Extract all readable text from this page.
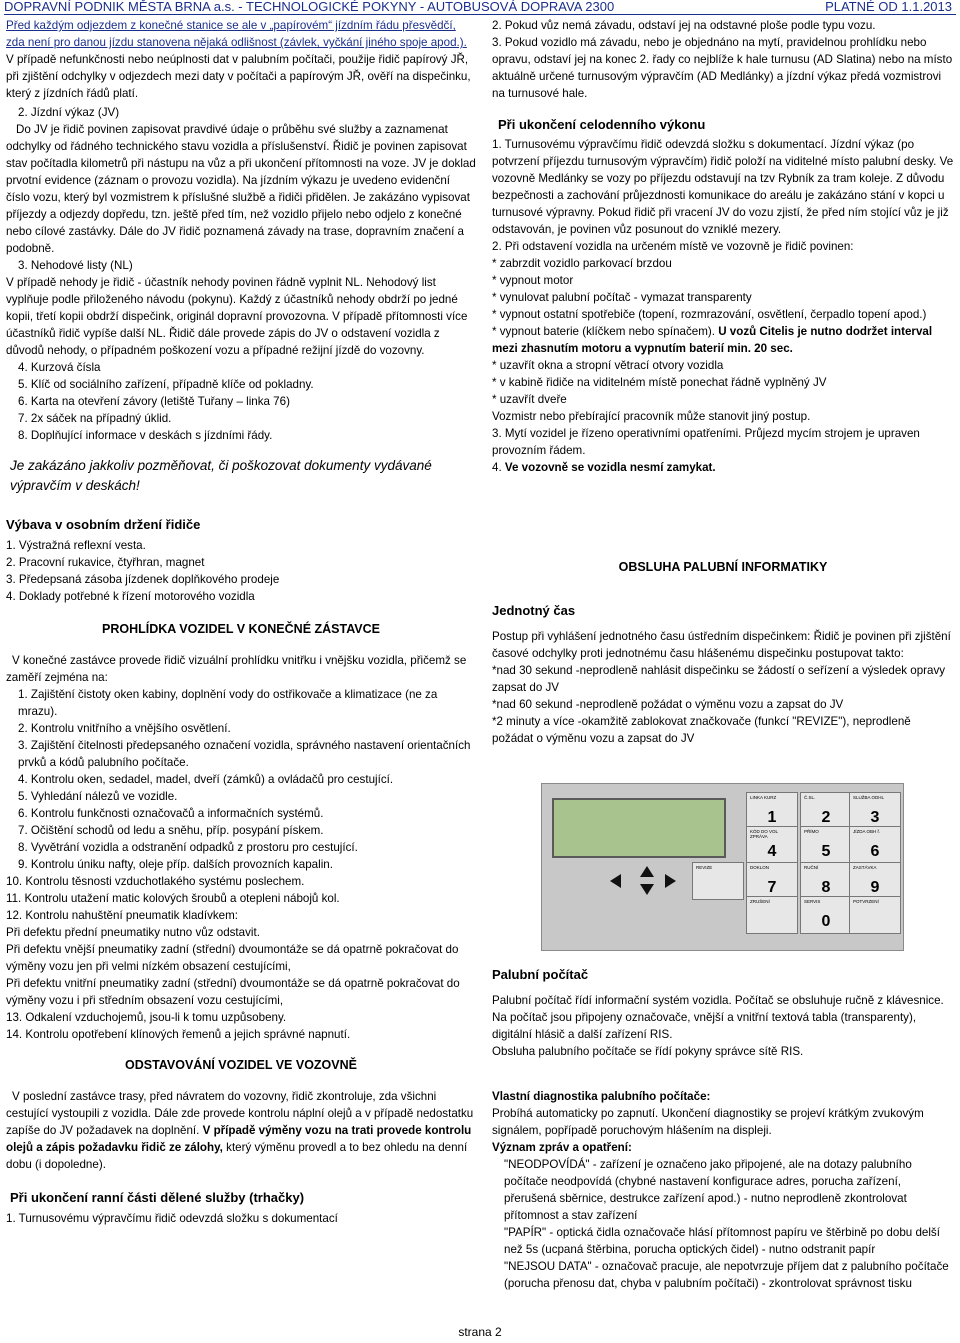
DOPRAVNÍ PODNIK MĚSTA BRNA a.s. - TECHNOLOGICKÉ POKYNY - AUTOBUSOVÁ DOPRAVA 2300	PLATNÉ OD 1.1.2013

Před každým odjezdem z konečné stanice se ale v „papírovém“ jízdním řádu přesvědčí, zda není pro danou jízdu stanovena nějaká odlišnost (závlek, vyčkání jiného spoje apod.). V případě nefunkčnosti nebo neúplnosti dat v palubním počítači, použije řidič papírový JŘ, při zjištění odchylky v odjezdech mezi daty v počítači a papírovým JŘ, ověří na dispečinku, který z jízdních řádů platí.

2. Jízdní výkaz (JV)

Do JV je řidič povinen zapisovat pravdivé údaje o průběhu své služby a zaznamenat odchylky od řádného technického stavu vozidla a příslušenství. Řidič je povinen zapisovat stav počítadla kilometrů při nástupu na vůz a při ukončení přítomnosti na voze. JV je doklad prvotní evidence (záznam o provozu vozidla). Na jízdním výkazu je uvedeno evidenční číslo vozu, který byl vozmistrem k příslušné službě a řidiči přidělen. Je zakázáno vypisovat příjezdy a odjezdy dopředu, tzn. ještě před tím, než vozidlo přijelo nebo odjelo z konečné nebo cílové zastávky. Dále do JV řidič poznamená závady na trase, dopravním značení a podobně.

3. Nehodové listy (NL)

V případě nehody je řidič - účastník nehody povinen řádně vyplnit NL. Nehodový list vyplňuje podle přiloženého návodu (pokynu). Každý z účastníků nehody obdrží po jedné kopii, třetí kopii obdrží dispečink, originál dopravní provozovna. V případě přítomnosti více účastníků řidič vypíše další NL. Řidič dále provede zápis do JV o odstavení vozidla z důvodů nehody, o případném poškození vozu a případné režijní jízdě do vozovny.

4. Kurzová čísla

5. Klíč od sociálního zařízení, případně klíče od pokladny.

6. Karta na otevření závory (letiště Tuřany – linka 76)

7. 2x sáček na případný úklid.

8. Doplňující informace v deskách s jízdními řády.

Je zakázáno jakkoliv pozměňovat, či poškozovat dokumenty vydávané výpravčím v deskách!

Výbava v osobním držení řidiče

1. Výstražná reflexní vesta.

2. Pracovní rukavice, čtyřhran, magnet

3. Předepsaná zásoba jízdenek doplňkového prodeje

4. Doklady potřebné k řízení motorového vozidla

PROHLÍDKA VOZIDEL V KONEČNÉ ZÁSTAVCE

V konečné zastávce provede řidič vizuální prohlídku vnitřku i vnějšku vozidla, přičemž se zaměří zejména na:

1. Zajištění čistoty oken kabiny, doplnění vody do ostřikovače a klimatizace (ne za mrazu).

2. Kontrolu vnitřního a vnějšího osvětlení.

3. Zajištění čitelnosti předepsaného označení vozidla, správného nastavení orientačních prvků a kódů palubního počítače.

4. Kontrolu oken, sedadel, madel, dveří (zámků) a ovládačů pro cestující.

5. Vyhledání nálezů ve vozidle.

6. Kontrolu funkčnosti označovačů a informačních systémů.

7. Očištění schodů od ledu a sněhu, příp. posypání pískem.

8. Vyvětrání vozidla a odstranění odpadků z prostoru pro cestující.

9. Kontrolu úniku nafty, oleje příp. dalších provozních kapalin.

10. Kontrolu těsnosti vzduchotlakého systému poslechem.

11. Kontrolu utažení matic kolových šroubů a otepleni nábojů kol.

12. Kontrolu nahuštění pneumatik kladívkem:

Při defektu přední pneumatiky nutno vůz odstavit.

Při defektu vnější pneumatiky zadní (střední) dvoumontáže se dá opatrně pokračovat do výměny vozu jen při velmi nízkém obsazení cestujícími,

Při defektu vnitřní pneumatiky zadní (střední) dvoumontáže se dá opatrně pokračovat do výměny vozu i při středním obsazení vozu cestujícími,

13. Odkalení vzduchojemů, jsou-li k tomu uzpůsobeny.

14. Kontrolu opotřebení klínových řemenů a jejich správné napnutí.

ODSTAVOVÁNÍ VOZIDEL VE VOZOVNĚ

V poslední zastávce trasy, před návratem do vozovny, řidič zkontroluje, zda všichni cestující vystoupili z vozidla. Dále zde provede kontrolu náplní olejů a v případě nedostatku zapíše do JV požadavek na doplnění. V případě výměny vozu na trati provede kontrolu olejů a zápis požadavku řidič ze zálohy, který výměnu provedl a to bez ohledu na denní dobu (i dopoledne).

Při ukončení ranní části dělené služby (trhačky)

1. Turnusovému výpravčímu řidič odevzdá složku s dokumentací

2. Pokud vůz nemá závadu, odstaví jej na odstavné ploše podle typu vozu.

3. Pokud vozidlo má závadu, nebo je objednáno na mytí, pravidelnou prohlídku nebo opravu, odstaví jej na konec 2. řady co nejblíže k hale turnusu (AD Slatina) nebo na místo aktuálně určené turnusovým výpravčím (AD Medlánky) a jízdní výkaz předá vozmistrovi na turnusové hale.

Při ukončení celodenního výkonu

1. Turnusovému výpravčímu řidič odevzdá složku s dokumentací. Jízdní výkaz (po potvrzení příjezdu turnusovým výpravčím) řidič položí na viditelné místo palubní desky. Ve vozovně Medlánky se vozy po příjezdu odstavují na tzv Rybník za tram koleje. Z důvodu bezpečnosti a zachování průjezdnosti komunikace do areálu je zakázáno stání v kopci u turnusové výpravny. Pokud řidič při vracení JV do vozu zjistí, že před ním stojící vůz je již odstavován, je povinen vůz posunout do vzniklé mezery.

2. Při odstavení vozidla na určeném místě ve vozovně je řidič povinen:

* zabrzdit vozidlo parkovací brzdou

* vypnout motor

* vynulovat palubní počítač - vymazat transparenty

* vypnout ostatní spotřebiče (topení, rozmrazování, osvětlení, čerpadlo topení apod.)

* vypnout baterie (klíčkem nebo spínačem). U vozů Citelis je nutno dodržet interval mezi zhasnutím motoru a vypnutím baterií min. 20 sec.

* uzavřít okna a stropní větrací otvory vozidla

* v kabině řidiče na viditelném místě ponechat řádně vyplněný JV

* uzavřít dveře

Vozmistr nebo přebírající pracovník může stanovit jiný postup.

3. Mytí vozidel je řízeno operativními opatřeními. Průjezd mycím strojem je upraven provozním řádem.

4. Ve vozovně se vozidla nesmí zamykat.

OBSLUHA PALUBNÍ INFORMATIKY
Jednotný čas

Postup při vyhlášení jednotného času ústředním dispečinkem: Řidič je povinen při zjištění časové odchylky proti jednotnému času hlášenému dispečinku postupovat takto:

*nad 30 sekund -neprodleně nahlásit dispečinku se žádostí o seřízení a výsledek opravy zapsat do JV

*nad 60 sekund -neprodleně požádat o výměnu vozu a zapsat do JV

*2 minuty a více -okamžitě zablokovat značkovače (funkcí "REVIZE"), neprodleně požádat o výměnu vozu a zapsat do JV

LINKA KURZ
1
Č.SL.
2
SLUŽBA ODHL
3
KÓD DO VOL ZPRÁVA
4
PŘÍMO
5
JÍZDA OBH ř.
6
REVIZE	DOKLON
7
RUČNÍ
8
ZASTÁVKA
9
ZRUŠENÍ	SERVIS
0
POTVRZENÍ
Palubní počítač

Palubní počítač řídí informační systém vozidla. Počítač se obsluhuje ručně z klávesnice. Na počítač jsou připojeny označovače, vnější a vnitřní textová tabla (transparenty), digitální hlásič a další zařízení RIS.

Obsluha palubního počítače se řídí pokyny správce sítě RIS.

Vlastní diagnostika palubního počítače:

Probíhá automaticky po zapnutí. Ukončení diagnostiky se projeví krátkým zvukovým signálem, popřípadě poruchovým hlášením na displeji.

Význam zpráv a opatření:

"NEODPOVÍDÁ" - zařízení je označeno jako připojené, ale na dotazy palubního počítače neodpovídá (chybné nastavení konfigurace adres, porucha zařízení, přerušená sběrnice, destrukce zařízení apod.) - nutno neprodleně zkontrolovat přítomnost a stav zařízení

"PAPÍR" - optická čidla označovače hlásí přítomnost papíru ve štěrbině po dobu delší než 5s (ucpaná štěrbina, porucha optických čidel) - nutno odstranit papír

"NEJSOU DATA" - označovač pracuje, ale nepotvrzuje příjem dat z palubního počítače (porucha přenosu dat, chyba v palubním počítači) - zkontrolovat správnost tisku

strana 2
